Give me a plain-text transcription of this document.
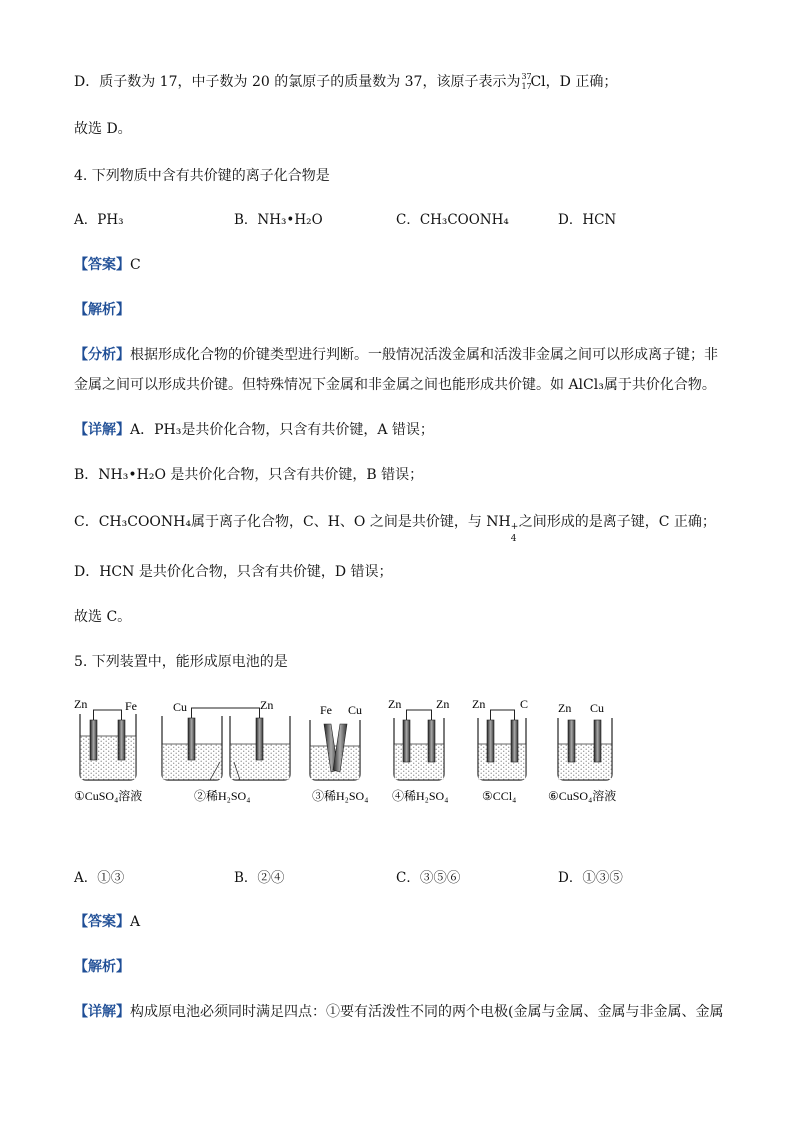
D．质子数为 17，中子数为 20 的氯原子的质量数为 37，该原子表示为 37
17
Cl，D 正确；
故选 D。
4. 下列物质中含有共价键的离子化合物是
A．PH₃	B．NH₃•H₂O	C．CH₃COONH₄	D．HCN
【答案】C
【解析】
【分析】根据形成化合物的价键类型进行判断。一般情况活泼金属和活泼非金属之间可以形成离子键；非
金属之间可以形成共价键。但特殊情况下金属和非金属之间也能形成共价键。如 AlCl₃属于共价化合物。
【详解】A．PH₃是共价化合物，只含有共价键，A 错误；
B．NH₃•H₂O 是共价化合物，只含有共价键，B 错误；
C．CH₃COONH₄属于离子化合物，C、H、O 之间是共价键，与 NH +
4
之间形成的是离子键，C 正确；
D．HCN 是共价化合物，只含有共价键，D 错误；
故选 C。
5. 下列装置中，能形成原电池的是
Zn	Fe
①CuSO₄溶液
Cu	Zn
②稀H₂SO₄
Fe Cu
③稀H₂SO₄
Zn	Zn
④稀H₂SO₄
Zn	C
⑤CCl₄
Zn Cu
⑥CuSO₄溶液
A．①③	B．②④	C．③⑤⑥	D．①③⑤
【答案】A
【解析】
【详解】构成原电池必须同时满足四点：①要有活泼性不同的两个电极(金属与金属、金属与非金属、金属
